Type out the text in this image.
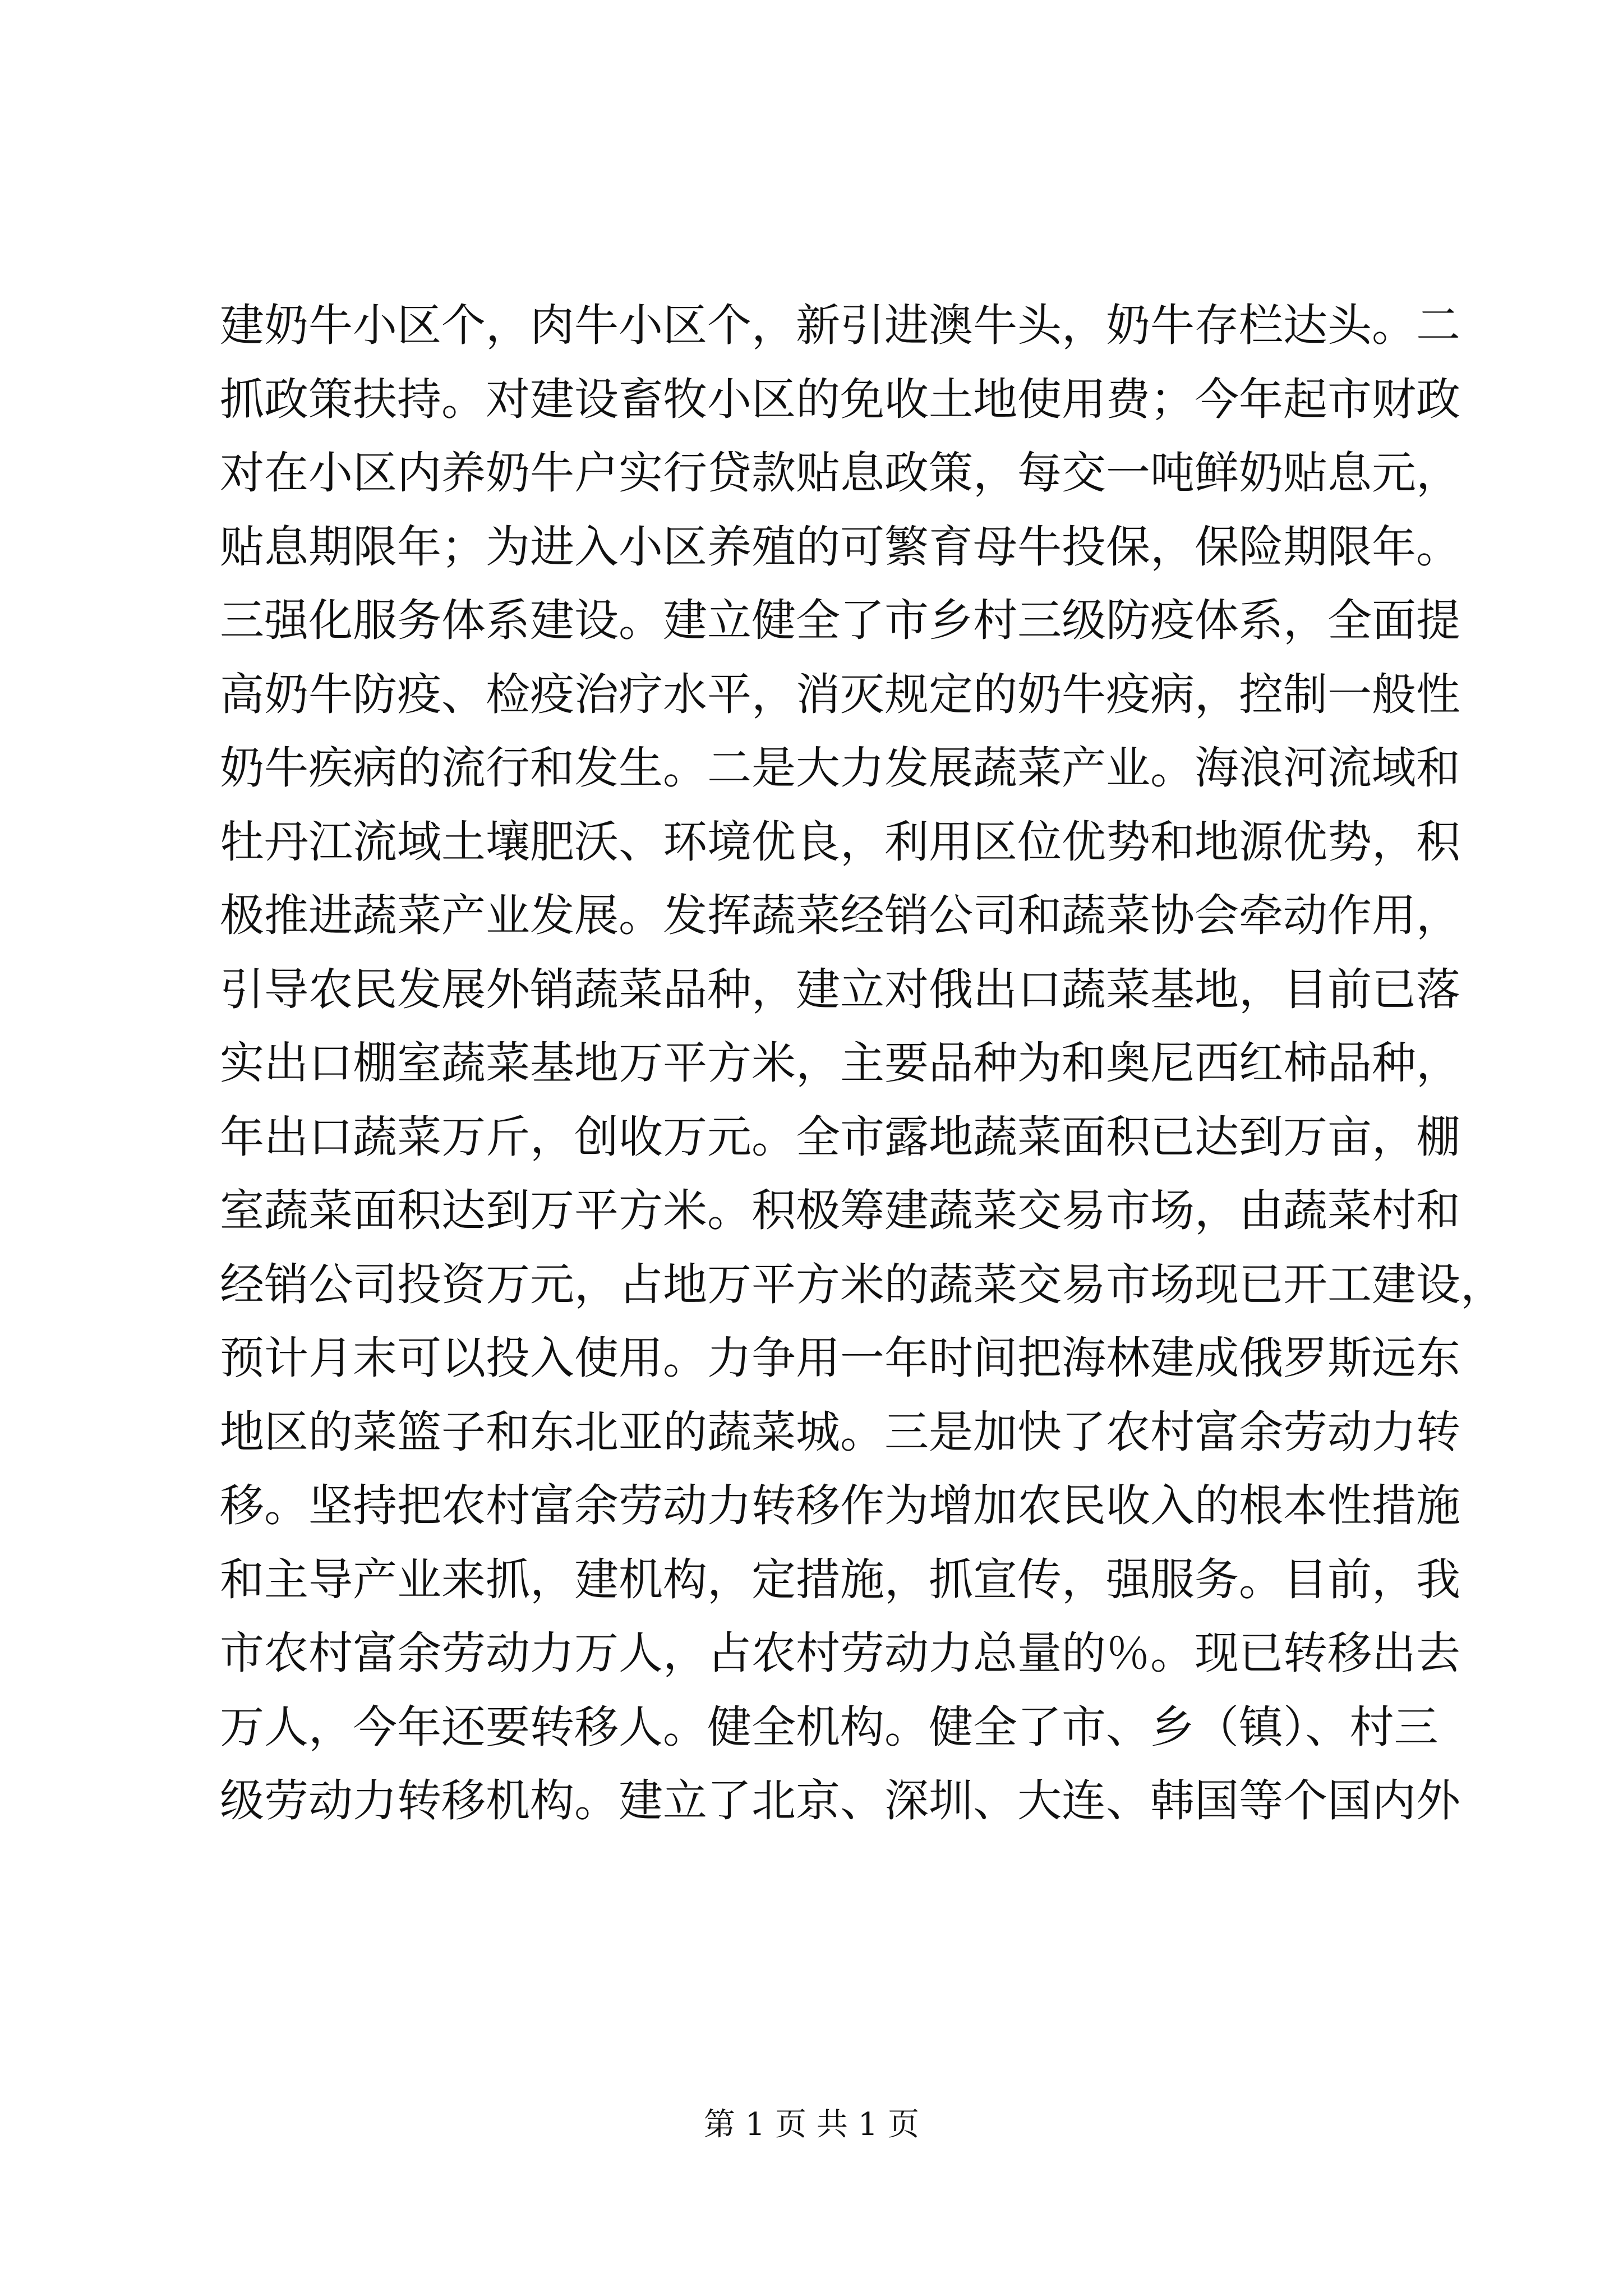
建奶牛小区个，肉牛小区个，新引进澳牛头，奶牛存栏达头。二
抓政策扶持。对建设畜牧小区的免收土地使用费；今年起市财政
对在小区内养奶牛户实行贷款贴息政策，每交一吨鲜奶贴息元，
贴息期限年；为进入小区养殖的可繁育母牛投保，保险期限年。
三强化服务体系建设。建立健全了市乡村三级防疫体系，全面提
高奶牛防疫、检疫治疗水平，消灭规定的奶牛疫病，控制一般性
奶牛疾病的流行和发生。二是大力发展蔬菜产业。海浪河流域和
牡丹江流域土壤肥沃、环境优良，利用区位优势和地源优势，积
极推进蔬菜产业发展。发挥蔬菜经销公司和蔬菜协会牵动作用，
引导农民发展外销蔬菜品种，建立对俄出口蔬菜基地，目前已落
实出口棚室蔬菜基地万平方米，主要品种为和奥尼西红柿品种，
年出口蔬菜万斤，创收万元。全市露地蔬菜面积已达到万亩，棚
室蔬菜面积达到万平方米。积极筹建蔬菜交易市场，由蔬菜村和
经销公司投资万元，占地万平方米的蔬菜交易市场现已开工建设，
预计月末可以投入使用。力争用一年时间把海林建成俄罗斯远东
地区的菜篮子和东北亚的蔬菜城。三是加快了农村富余劳动力转
移。坚持把农村富余劳动力转移作为增加农民收入的根本性措施
和主导产业来抓，建机构，定措施，抓宣传，强服务。目前，我
市农村富余劳动力万人，占农村劳动力总量的％。现已转移出去
万人，今年还要转移人。健全机构。健全了市、乡（镇）、村三
级劳动力转移机构。建立了北京、深圳、大连、韩国等个国内外
第 1 页 共 1 页
